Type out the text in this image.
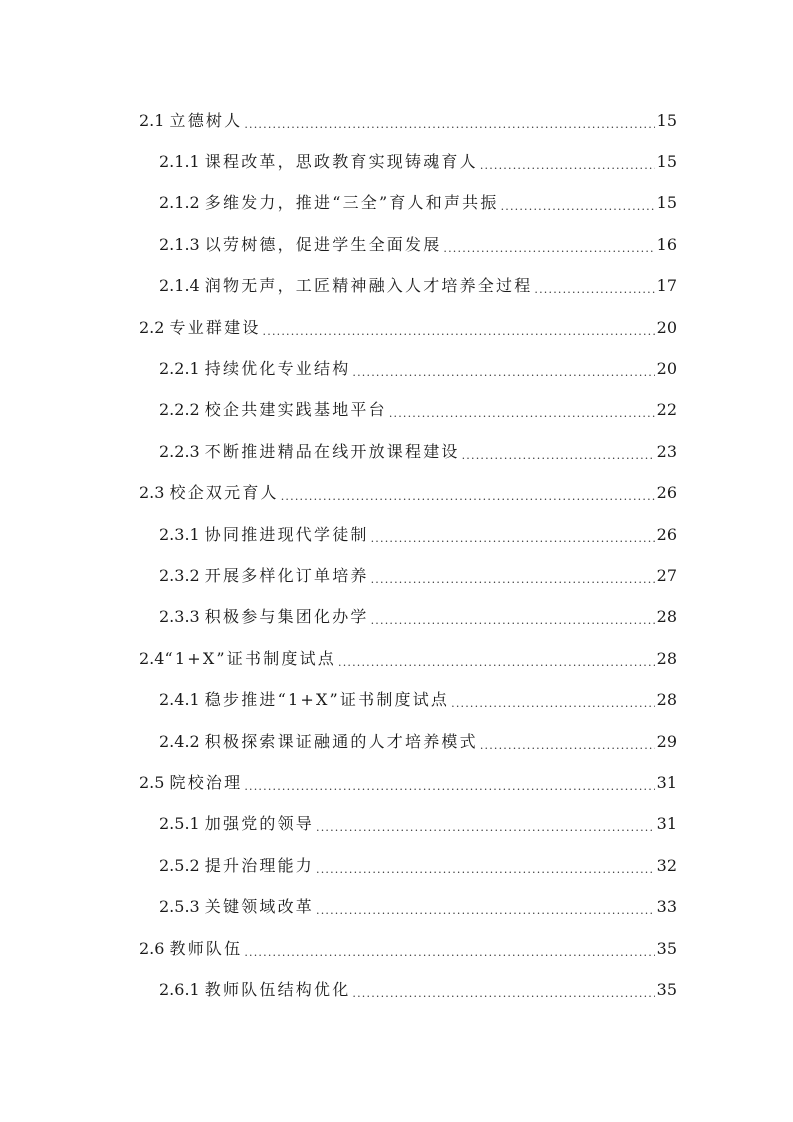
2.1 立德树人 .....	15
2.1.1 课程改革，思政教育实现铸魂育人 .....	15
2.1.2 多维发力，推进“三全”育人和声共振 .....	15
2.1.3 以劳树德，促进学生全面发展 .....	16
2.1.4 润物无声，工匠精神融入人才培养全过程 .....	17
2.2 专业群建设 .....	20
2.2.1 持续优化专业结构 .....	20
2.2.2 校企共建实践基地平台 .....	22
2.2.3 不断推进精品在线开放课程建设 .....	23
2.3 校企双元育人 .....	26
2.3.1 协同推进现代学徒制 .....	26
2.3.2 开展多样化订单培养 .....	27
2.3.3 积极参与集团化办学 .....	28
2.4 “1+X”证书制度试点 .....	28
2.4.1 稳步推进“1+X”证书制度试点 .....	28
2.4.2 积极探索课证融通的人才培养模式 .....	29
2.5 院校治理 .....	31
2.5.1 加强党的领导 .....	31
2.5.2 提升治理能力 .....	32
2.5.3 关键领域改革 .....	33
2.6 教师队伍 .....	35
2.6.1 教师队伍结构优化 .....	35
